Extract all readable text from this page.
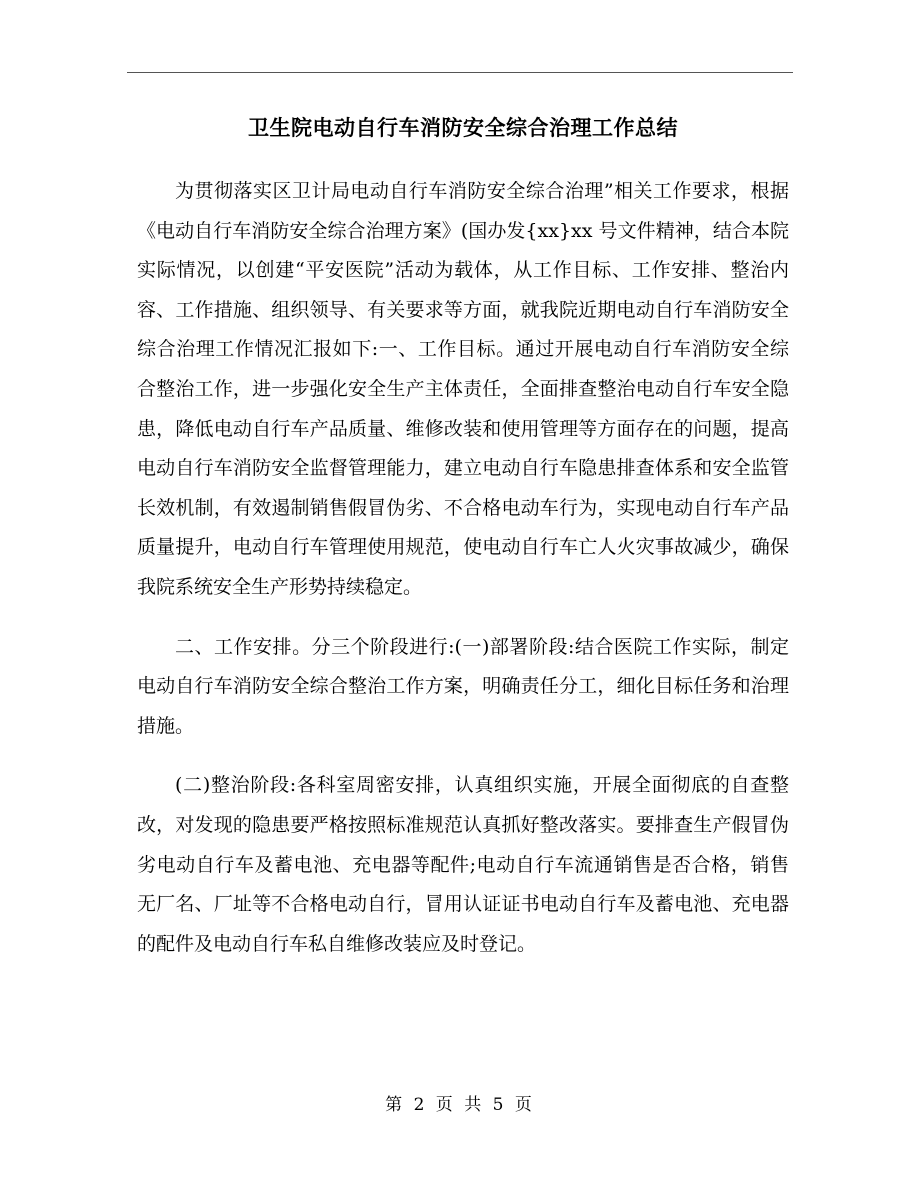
卫生院电动自行车消防安全综合治理工作总结

为贯彻落实区卫计局电动自行车消防安全综合治理”相关工作要求，根据《电动自行车消防安全综合治理方案》(国办发{xx}xx 号文件精神，结合本院实际情况，以创建“平安医院”活动为载体，从工作目标、工作安排、整治内容、工作措施、组织领导、有关要求等方面，就我院近期电动自行车消防安全综合治理工作情况汇报如下:一、工作目标。通过开展电动自行车消防安全综合整治工作，进一步强化安全生产主体责任，全面排查整治电动自行车安全隐患，降低电动自行车产品质量、维修改装和使用管理等方面存在的问题，提高电动自行车消防安全监督管理能力，建立电动自行车隐患排查体系和安全监管长效机制，有效遏制销售假冒伪劣、不合格电动车行为，实现电动自行车产品质量提升，电动自行车管理使用规范，使电动自行车亡人火灾事故减少，确保我院系统安全生产形势持续稳定。

二、工作安排。分三个阶段进行:(一)部署阶段:结合医院工作实际，制定电动自行车消防安全综合整治工作方案，明确责任分工，细化目标任务和治理措施。

(二)整治阶段:各科室周密安排，认真组织实施，开展全面彻底的自查整改，对发现的隐患要严格按照标准规范认真抓好整改落实。要排查生产假冒伪劣电动自行车及蓄电池、充电器等配件;电动自行车流通销售是否合格，销售无厂名、厂址等不合格电动自行，冒用认证证书电动自行车及蓄电池、充电器的配件及电动自行车私自维修改装应及时登记。

第 2 页 共 5 页
